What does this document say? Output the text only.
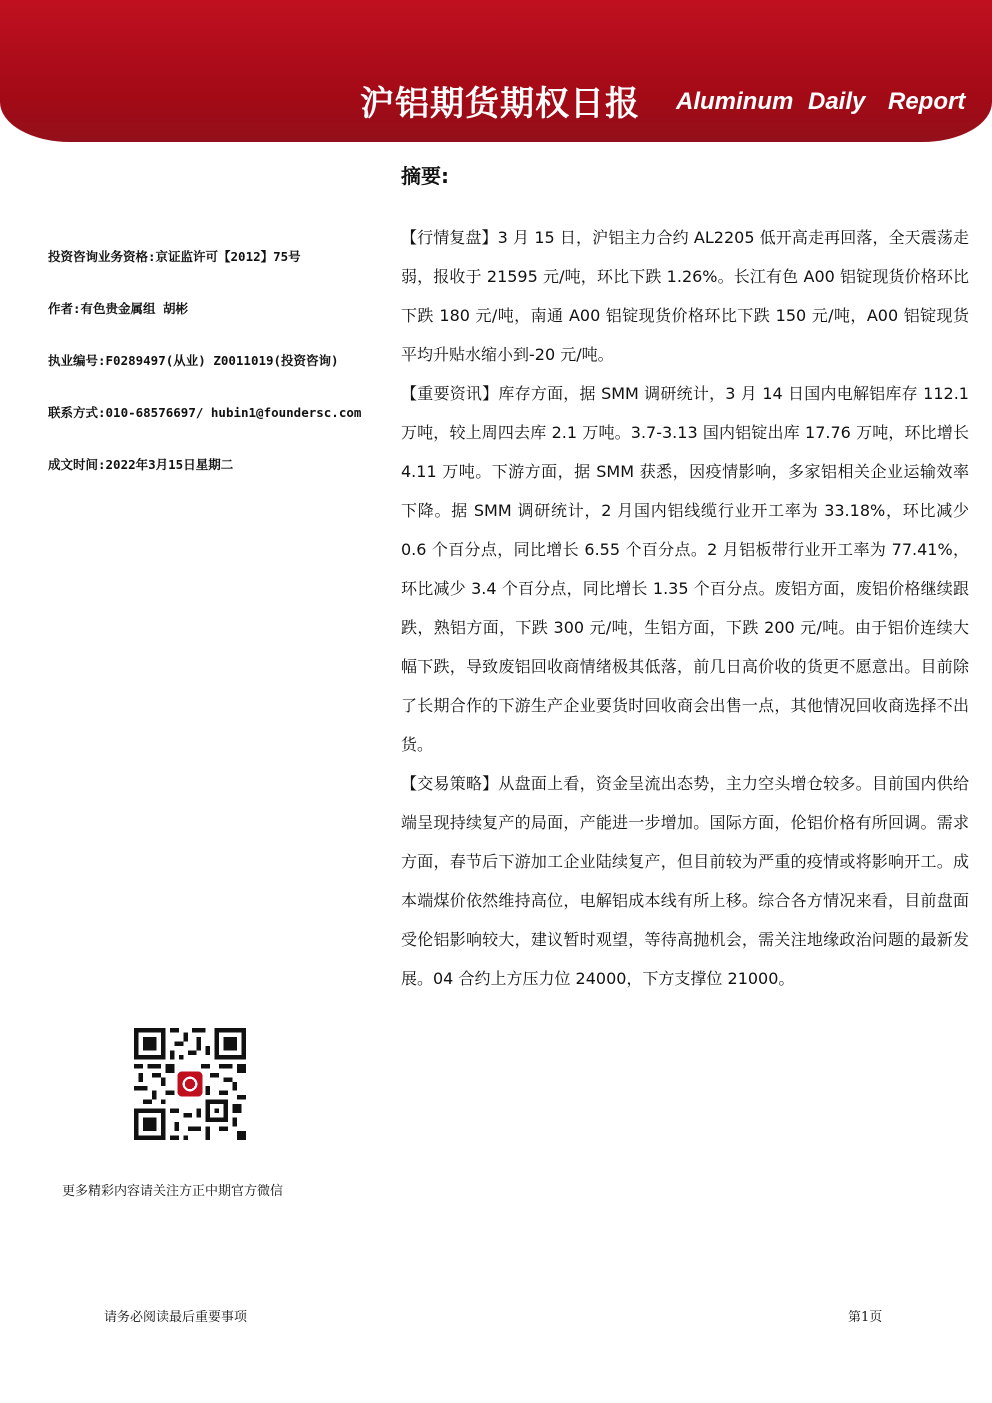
沪铝期货期权日报 Aluminum Daily Report
摘要:
投资咨询业务资格:京证监许可【2012】75号
作者:有色贵金属组 胡彬
执业编号:F0289497(从业) Z0011019(投资咨询)
联系方式:010-68576697/ hubin1@foundersc.com
成文时间:2022年3月15日星期二

【行情复盘】3 月 15 日，沪铝主力合约 AL2205 低开高走再回落，全天震荡走弱，报收于 21595 元/吨，环比下跌 1.26%。长江有色 A00 铝锭现货价格环比下跌 180 元/吨，南通 A00 铝锭现货价格环比下跌 150 元/吨，A00 铝锭现货平均升贴水缩小到-20 元/吨。

【重要资讯】库存方面，据 SMM 调研统计，3 月 14 日国内电解铝库存 112.1 万吨，较上周四去库 2.1 万吨。3.7-3.13 国内铝锭出库 17.76 万吨，环比增长 4.11 万吨。下游方面，据 SMM 获悉，因疫情影响，多家铝相关企业运输效率下降。据 SMM 调研统计，2 月国内铝线缆行业开工率为 33.18%，环比减少 0.6 个百分点，同比增长 6.55 个百分点。2 月铝板带行业开工率为 77.41%，环比减少 3.4 个百分点，同比增长 1.35 个百分点。废铝方面，废铝价格继续跟跌，熟铝方面，下跌 300 元/吨，生铝方面，下跌 200 元/吨。由于铝价连续大幅下跌，导致废铝回收商情绪极其低落，前几日高价收的货更不愿意出。目前除了长期合作的下游生产企业要货时回收商会出售一点，其他情况回收商选择不出货。

【交易策略】从盘面上看，资金呈流出态势，主力空头增仓较多。目前国内供给端呈现持续复产的局面，产能进一步增加。国际方面，伦铝价格有所回调。需求方面，春节后下游加工企业陆续复产，但目前较为严重的疫情或将影响开工。成本端煤价依然维持高位，电解铝成本线有所上移。综合各方情况来看，目前盘面受伦铝影响较大，建议暂时观望，等待高抛机会，需关注地缘政治问题的最新发展。04 合约上方压力位 24000，下方支撑位 21000。

更多精彩内容请关注方正中期官方微信
请务必阅读最后重要事项	第1页
